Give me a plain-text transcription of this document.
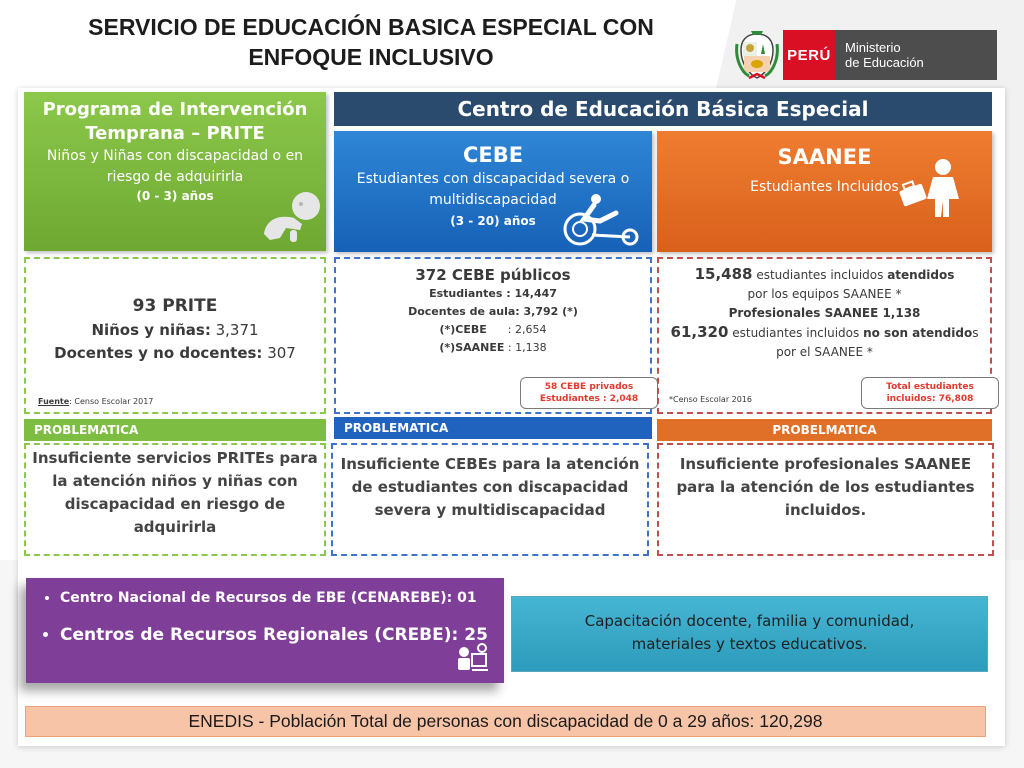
SERVICIO DE EDUCACIÓN BASICA ESPECIAL CON
ENFOQUE INCLUSIVO	PERÚ	Ministerio
de Educación
Programa de Intervención
Temprana – PRITE
Niños y Niñas con discapacidad o en
riesgo de adquirirla
(0 - 3) años
Centro de Educación Básica Especial
CEBE
Estudiantes con discapacidad severa o
multidiscapacidad
(3 - 20) años
SAANEE
Estudiantes Incluidos
93 PRITE
Niños y niñas: 3,371
Docentes y no docentes: 307
Fuente: Censo Escolar 2017
372 CEBE públicos
Estudiantes : 14,447
Docentes de aula: 3,792 (*)
(*)CEBE : 2,654
(*)SAANEE : 1,138
58 CEBE privados
Estudiantes : 2,048
15,488 estudiantes incluidos atendidos
por los equipos SAANEE *
Profesionales SAANEE 1,138
61,320 estudiantes incluidos no son atendidos
por el SAANEE *
*Censo Escolar 2016
Total estudiantes
incluidos: 76,808
PROBLEMATICA	PROBLEMATICA	PROBELMATICA
Insuficiente servicios PRITEs para la atención niños y niñas con discapacidad en riesgo de adquirirla
Insuficiente CEBEs para la atención de estudiantes con discapacidad severa y multidiscapacidad
Insuficiente profesionales SAANEE para la atención de los estudiantes incluidos.
• Centro Nacional de Recursos de EBE (CENAREBE): 01
• Centros de Recursos Regionales (CREBE): 25
Capacitación docente, familia y comunidad,
materiales y textos educativos.
ENEDIS - Población Total de personas con discapacidad de 0 a 29 años: 120,298
